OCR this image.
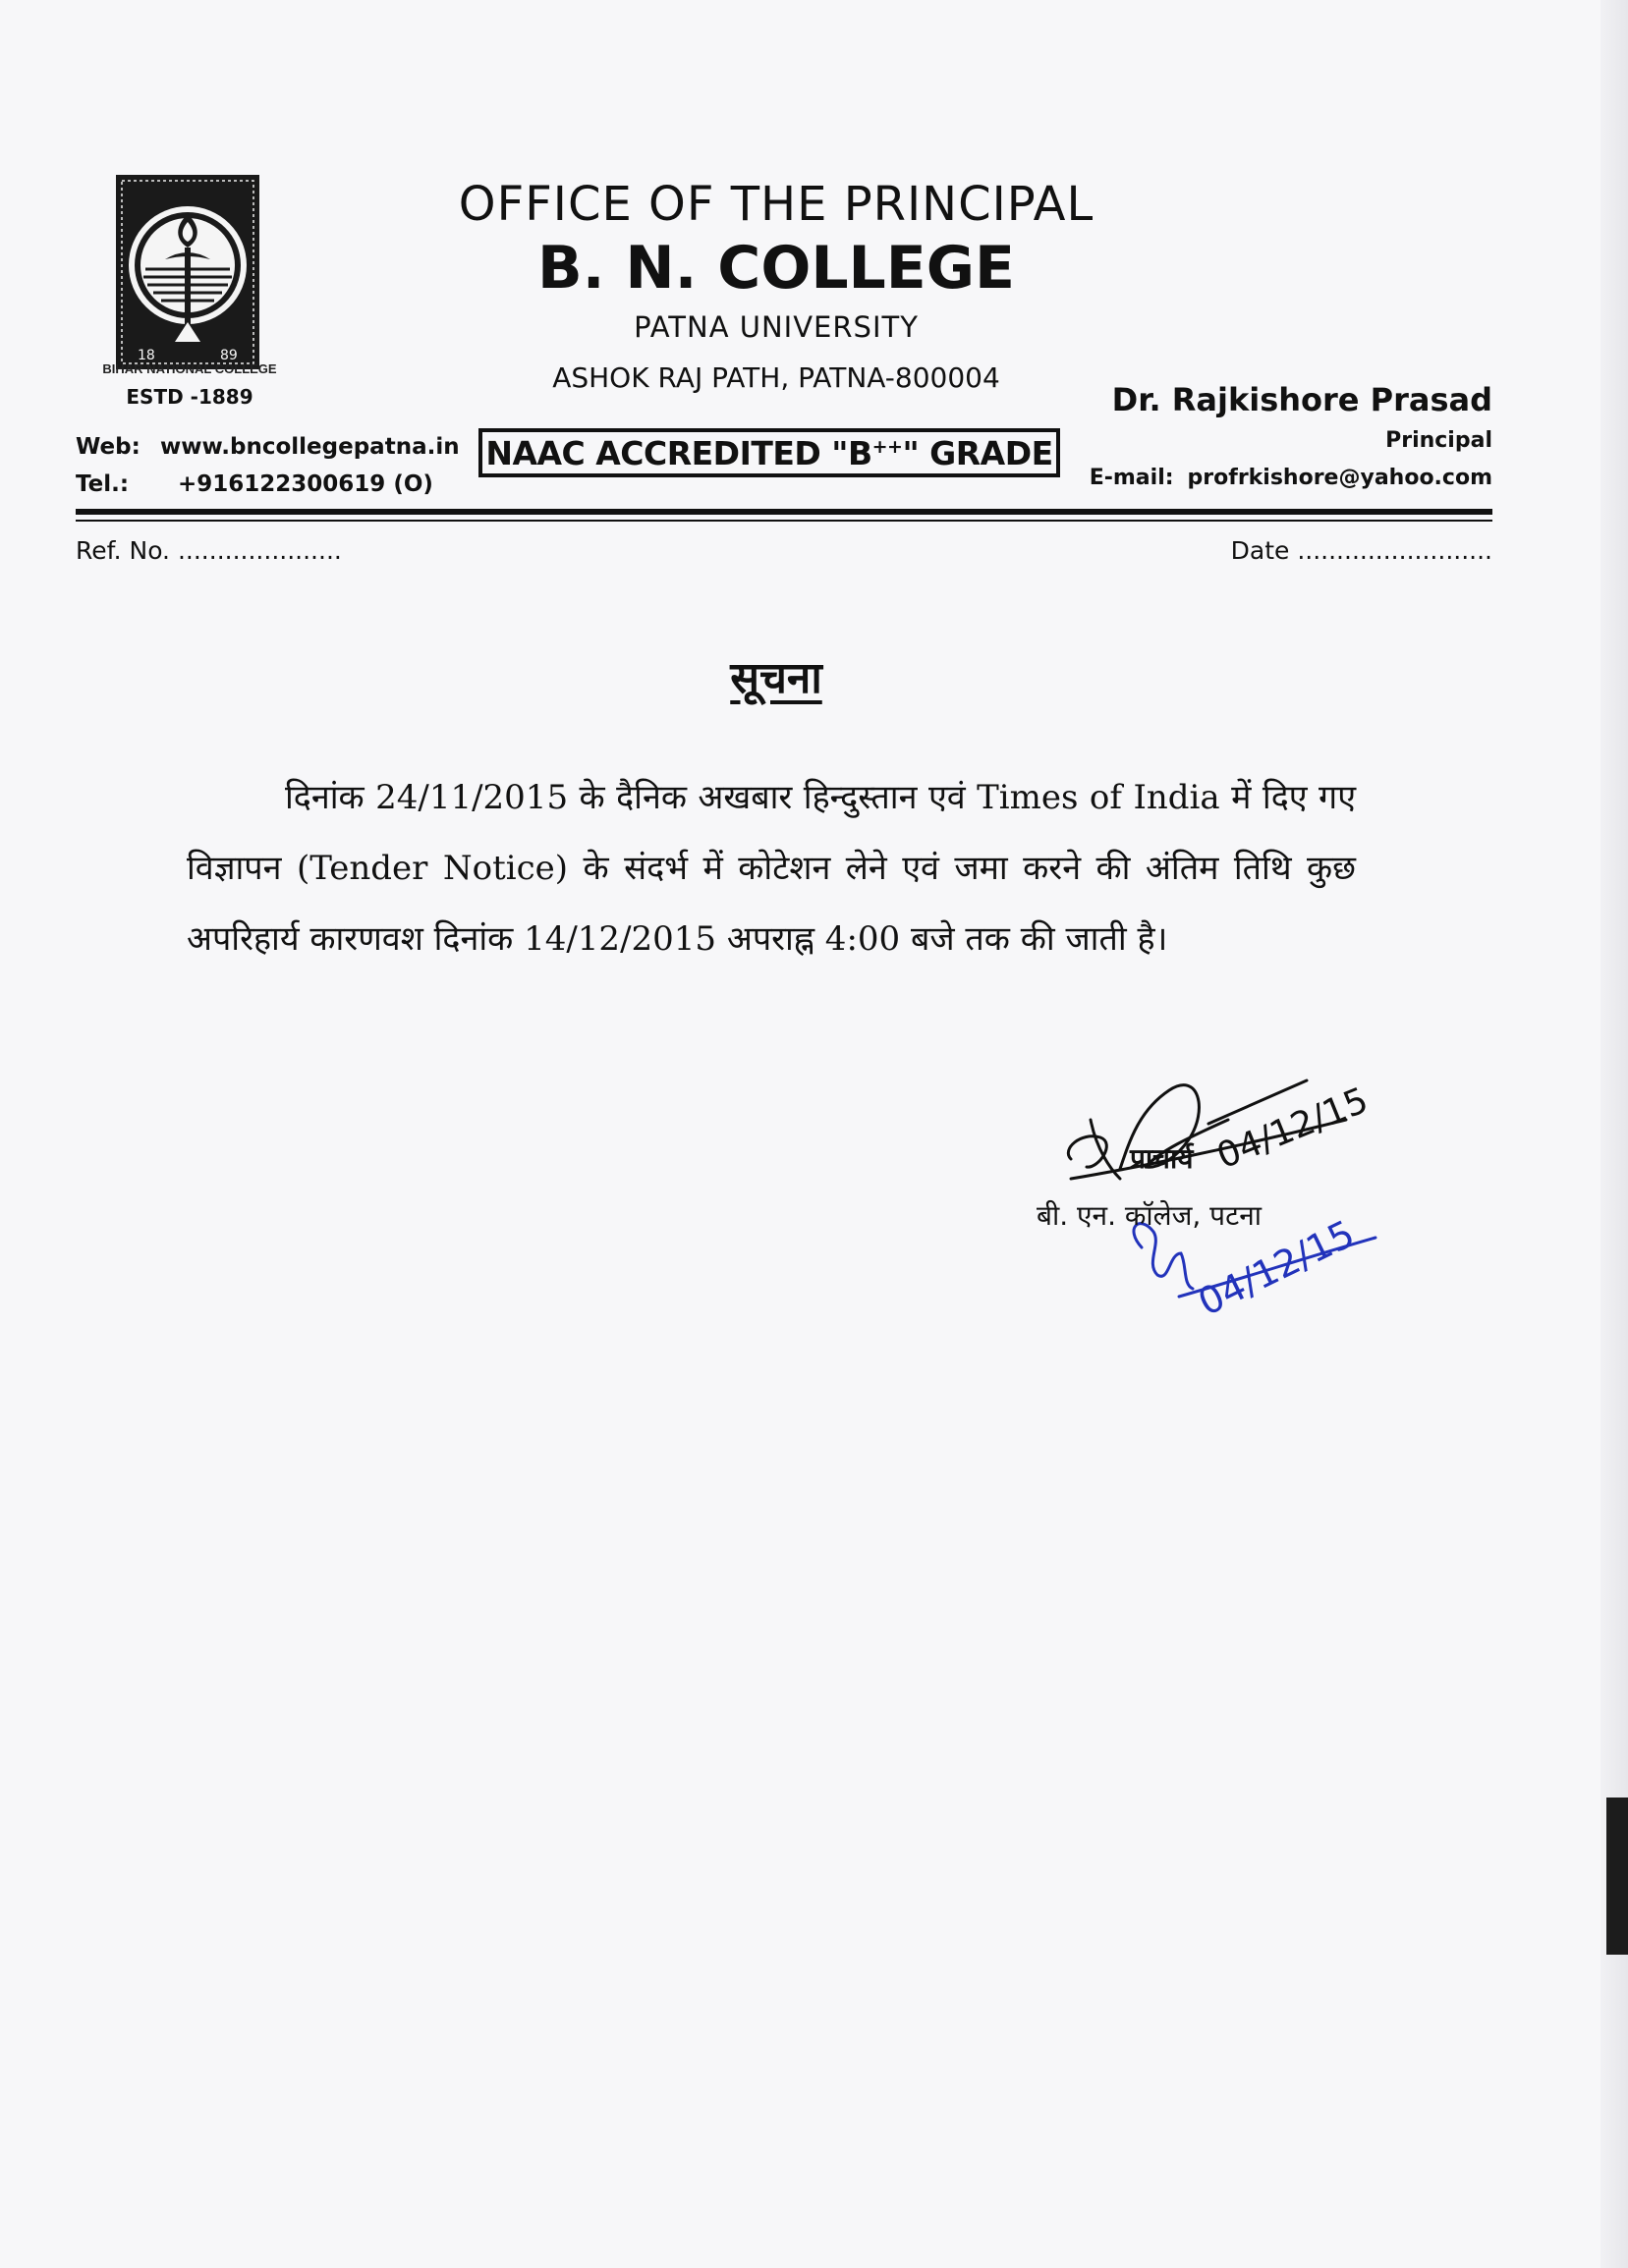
18	89
BIHAR NATIONAL COLLEGE
ESTD -1889
OFFICE OF THE PRINCIPAL
B. N. COLLEGE
PATNA UNIVERSITY
ASHOK RAJ PATH, PATNA-800004
NAAC ACCREDITED "B++" GRADE
Web: www.bncollegepatna.in
Tel.: +916122300619 (O)
Dr. Rajkishore Prasad
Principal
E-mail: profrkishore@yahoo.com
Ref. No. .....................	Date .........................
सूचना
दिनांक 24/11/2015 के दैनिक अखबार हिन्दुस्तान एवं Times of India में दिए गए विज्ञापन (Tender Notice) के संदर्भ में कोटेशन लेने एवं जमा करने की अंतिम तिथि कुछ अपरिहार्य कारणवश दिनांक 14/12/2015 अपराह्न 4:00 बजे तक की जाती है।
04/12/15
04/12/15
प्राचार्य
बी. एन. कॉलेज, पटना
